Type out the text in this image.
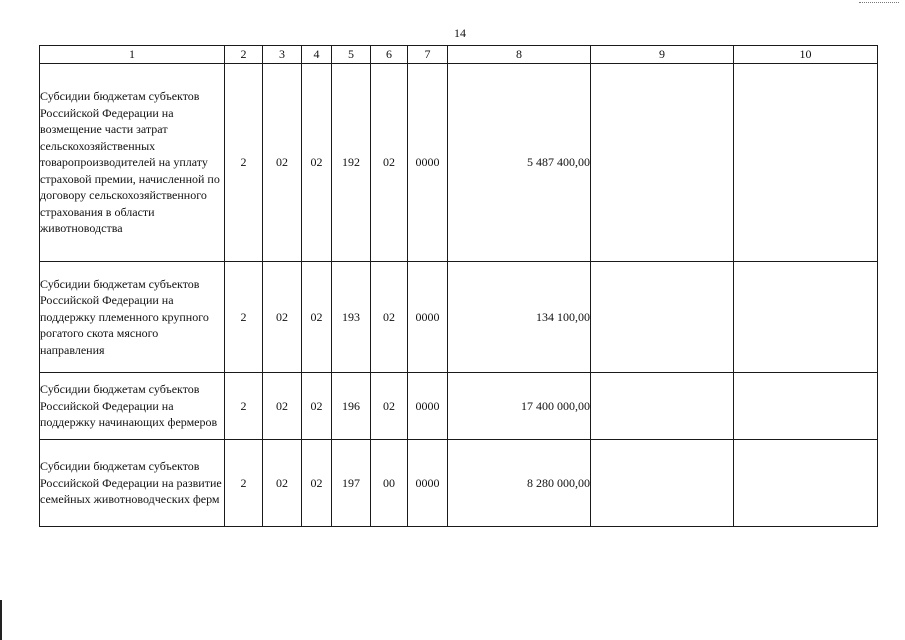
14
1	2	3	4	5	6	7	8	9	10
Субсидии бюджетам субъектов Российской Федерации на возмещение части затрат сельскохозяйственных товаропроизводителей на уплату страховой премии, начисленной по договору сельскохозяйственного страхования в области животноводства	2	02	02	192	02	0000	5 487 400,00		
Субсидии бюджетам субъектов Российской Федерации на поддержку племенного крупного рогатого скота мясного направления	2	02	02	193	02	0000	134 100,00		
Субсидии бюджетам субъектов Российской Федерации на поддержку начинающих фермеров	2	02	02	196	02	0000	17 400 000,00		
Субсидии бюджетам субъектов Российской Федерации на развитие семейных животноводческих ферм	2	02	02	197	00	0000	8 280 000,00		
